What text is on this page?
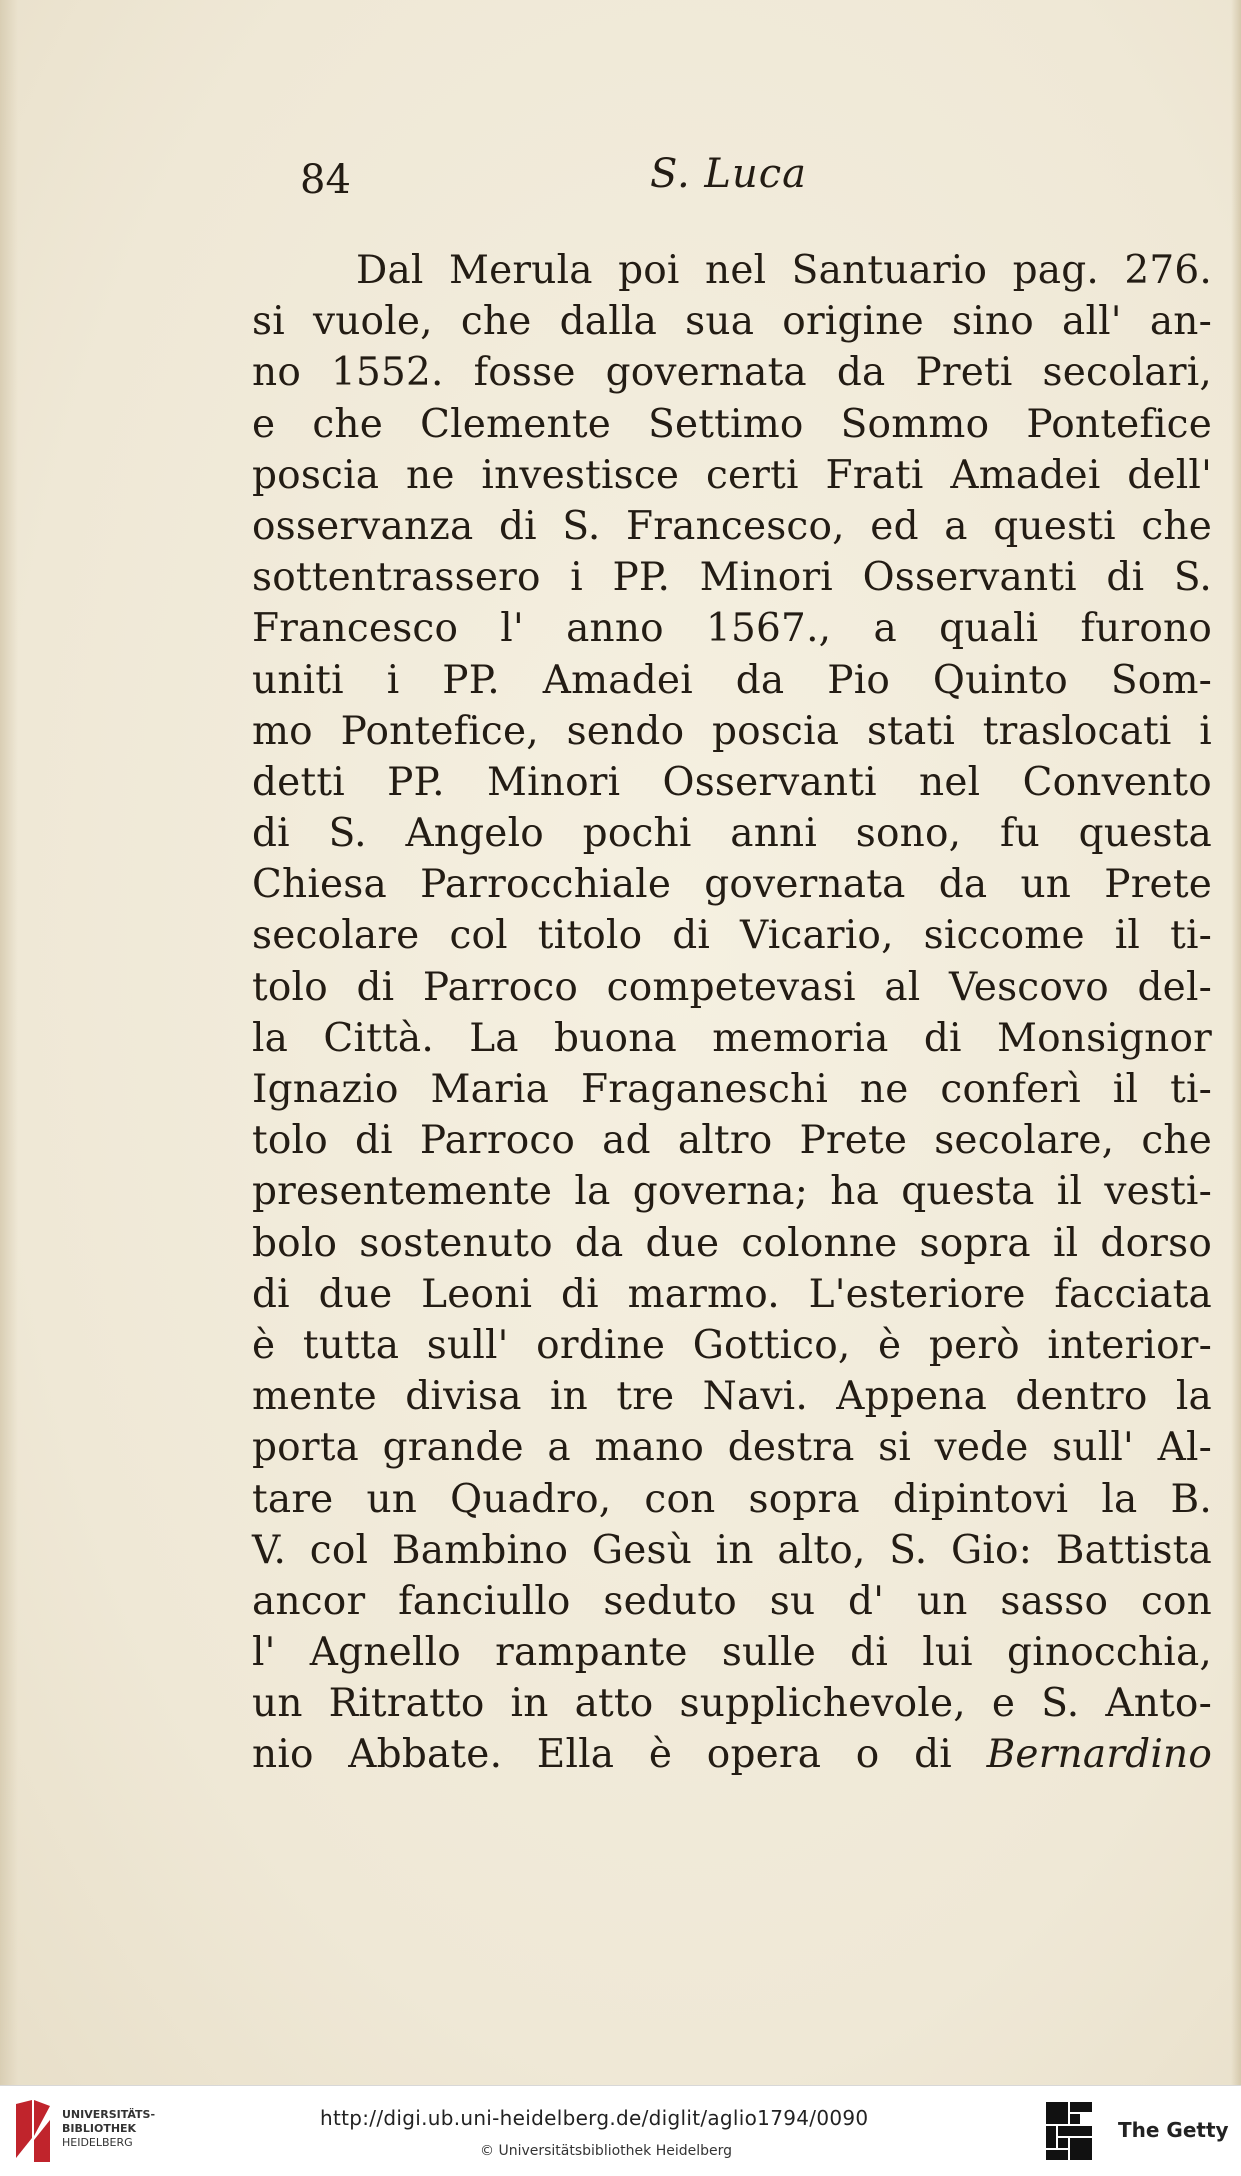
84	S. Luca
Dal Merula poi nel Santuario pag. 276.
si vuole, che dalla sua origine sino all' an-
no 1552. fosse governata da Preti secolari,
e che Clemente Settimo Sommo Pontefice
poscia ne investisce certi Frati Amadei dell'
osservanza di S. Francesco, ed a questi che
sottentrassero i PP. Minori Osservanti di S.
Francesco l' anno 1567., a quali furono
uniti i PP. Amadei da Pio Quinto Som-
mo Pontefice, sendo poscia stati traslocati i
detti PP. Minori Osservanti nel Convento
di S. Angelo pochi anni sono, fu questa
Chiesa Parrocchiale governata da un Prete
secolare col titolo di Vicario, siccome il ti-
tolo di Parroco competevasi al Vescovo del-
la Città. La buona memoria di Monsignor
Ignazio Maria Fraganeschi ne conferì il ti-
tolo di Parroco ad altro Prete secolare, che
presentemente la governa; ha questa il vesti-
bolo sostenuto da due colonne sopra il dorso
di due Leoni di marmo. L'esteriore facciata
è tutta sull' ordine Gottico, è però interior-
mente divisa in tre Navi. Appena dentro la
porta grande a mano destra si vede sull' Al-
tare un Quadro, con sopra dipintovi la B.
V. col Bambino Gesù in alto, S. Gio: Battista
ancor fanciullo seduto su d' un sasso con
l' Agnello rampante sulle di lui ginocchia,
un Ritratto in atto supplichevole, e S. Anto-
nio Abbate. Ella è opera o di Bernardino
UNIVERSITÄTS-
BIBLIOTHEK
HEIDELBERG
http://digi.ub.uni-heidelberg.de/diglit/aglio1794/0090
© Universitätsbibliothek Heidelberg
The Getty
